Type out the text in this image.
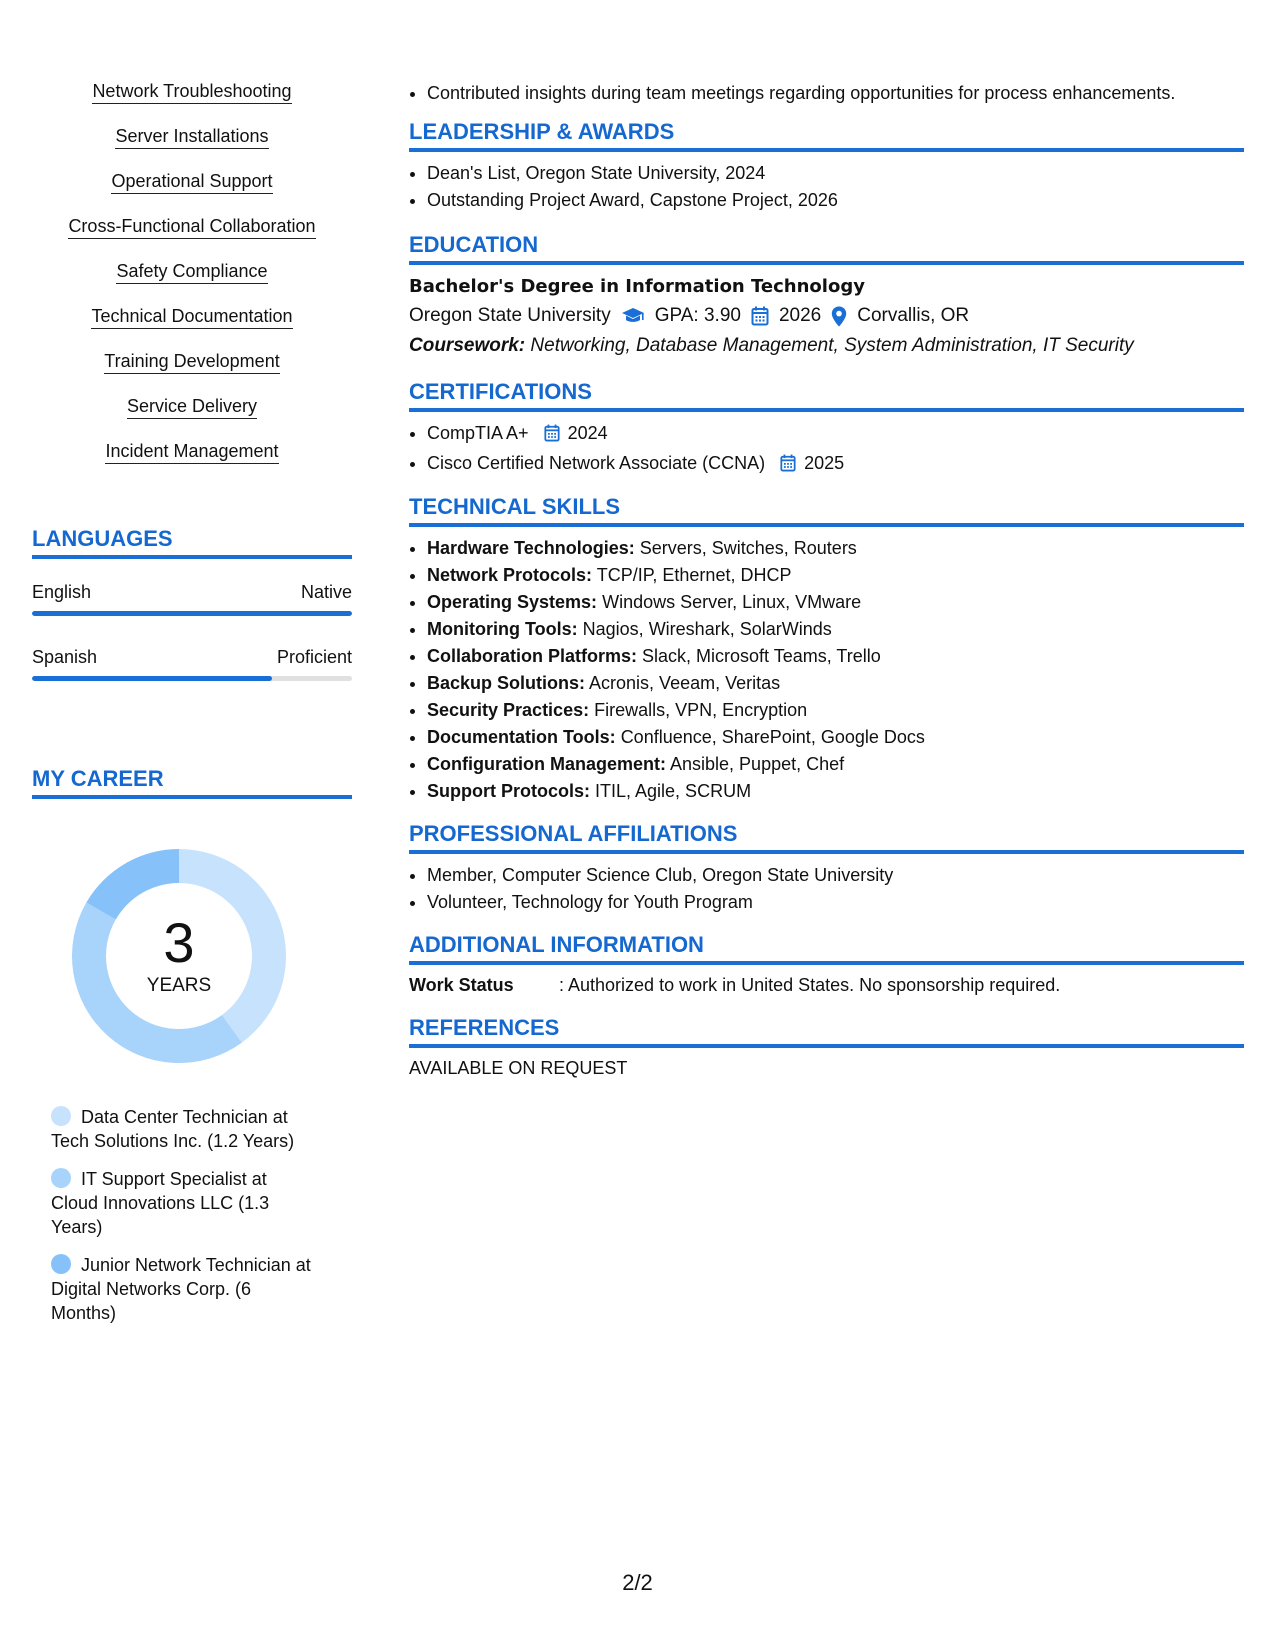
Network Troubleshooting
Server Installations
Operational Support
Cross-Functional Collaboration
Safety Compliance
Technical Documentation
Training Development
Service Delivery
Incident Management
LANGUAGES
English	Native
Spanish	Proficient
MY CAREER
3
YEARS
Data Center Technician at Tech Solutions Inc. (1.2 Years)
IT Support Specialist at Cloud Innovations LLC (1.3 Years)
Junior Network Technician at Digital Networks Corp. (6 Months)
• Contributed insights during team meetings regarding opportunities for process enhancements.
LEADERSHIP & AWARDS
• Dean's List, Oregon State University, 2024
• Outstanding Project Award, Capstone Project, 2026
EDUCATION
Bachelor's Degree in Information Technology
Oregon State University GPA: 3.90 2026 Corvallis, OR
Coursework: Networking, Database Management, System Administration, IT Security
CERTIFICATIONS
• CompTIA A+ 2024
• Cisco Certified Network Associate (CCNA) 2025
TECHNICAL SKILLS
• Hardware Technologies: Servers, Switches, Routers
• Network Protocols: TCP/IP, Ethernet, DHCP
• Operating Systems: Windows Server, Linux, VMware
• Monitoring Tools: Nagios, Wireshark, SolarWinds
• Collaboration Platforms: Slack, Microsoft Teams, Trello
• Backup Solutions: Acronis, Veeam, Veritas
• Security Practices: Firewalls, VPN, Encryption
• Documentation Tools: Confluence, SharePoint, Google Docs
• Configuration Management: Ansible, Puppet, Chef
• Support Protocols: ITIL, Agile, SCRUM
PROFESSIONAL AFFILIATIONS
• Member, Computer Science Club, Oregon State University
• Volunteer, Technology for Youth Program
ADDITIONAL INFORMATION
Work Status	: Authorized to work in United States. No sponsorship required.
REFERENCES
AVAILABLE ON REQUEST
2/2
